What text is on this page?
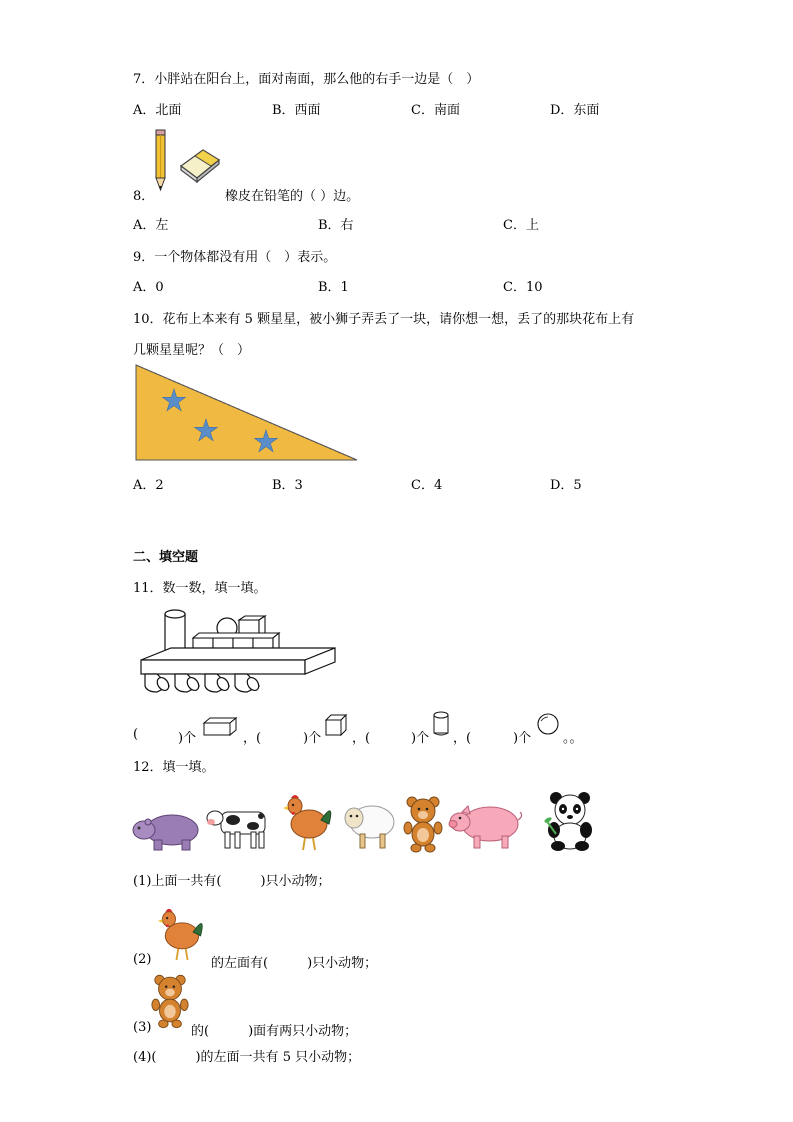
7．小胖站在阳台上，面对南面，那么他的右手一边是（　）
A．北面	B．西面	C．南面	D．东面
8．	橡皮在铅笔的（ ）边。
A．左	B．右	C．上
9．一个物体都没有用（　）表示。
A．0	B．1	C．10
10．花布上本来有 5 颗星星，被小狮子弄丢了一块，请你想一想，丢了的那块花布上有
几颗星星呢？（　）
A．2	B．3	C．4	D．5
二、填空题
11．数一数，填一填。
(	)个	，(	)个 ，(	)个 ，(	)个 。。
12．填一填。
(1)上面一共有(　　　)只小动物；
(2)	的左面有(　　　)只小动物；
(3)	的(　　　)面有两只小动物；
(4)(　　　)的左面一共有 5 只小动物；
